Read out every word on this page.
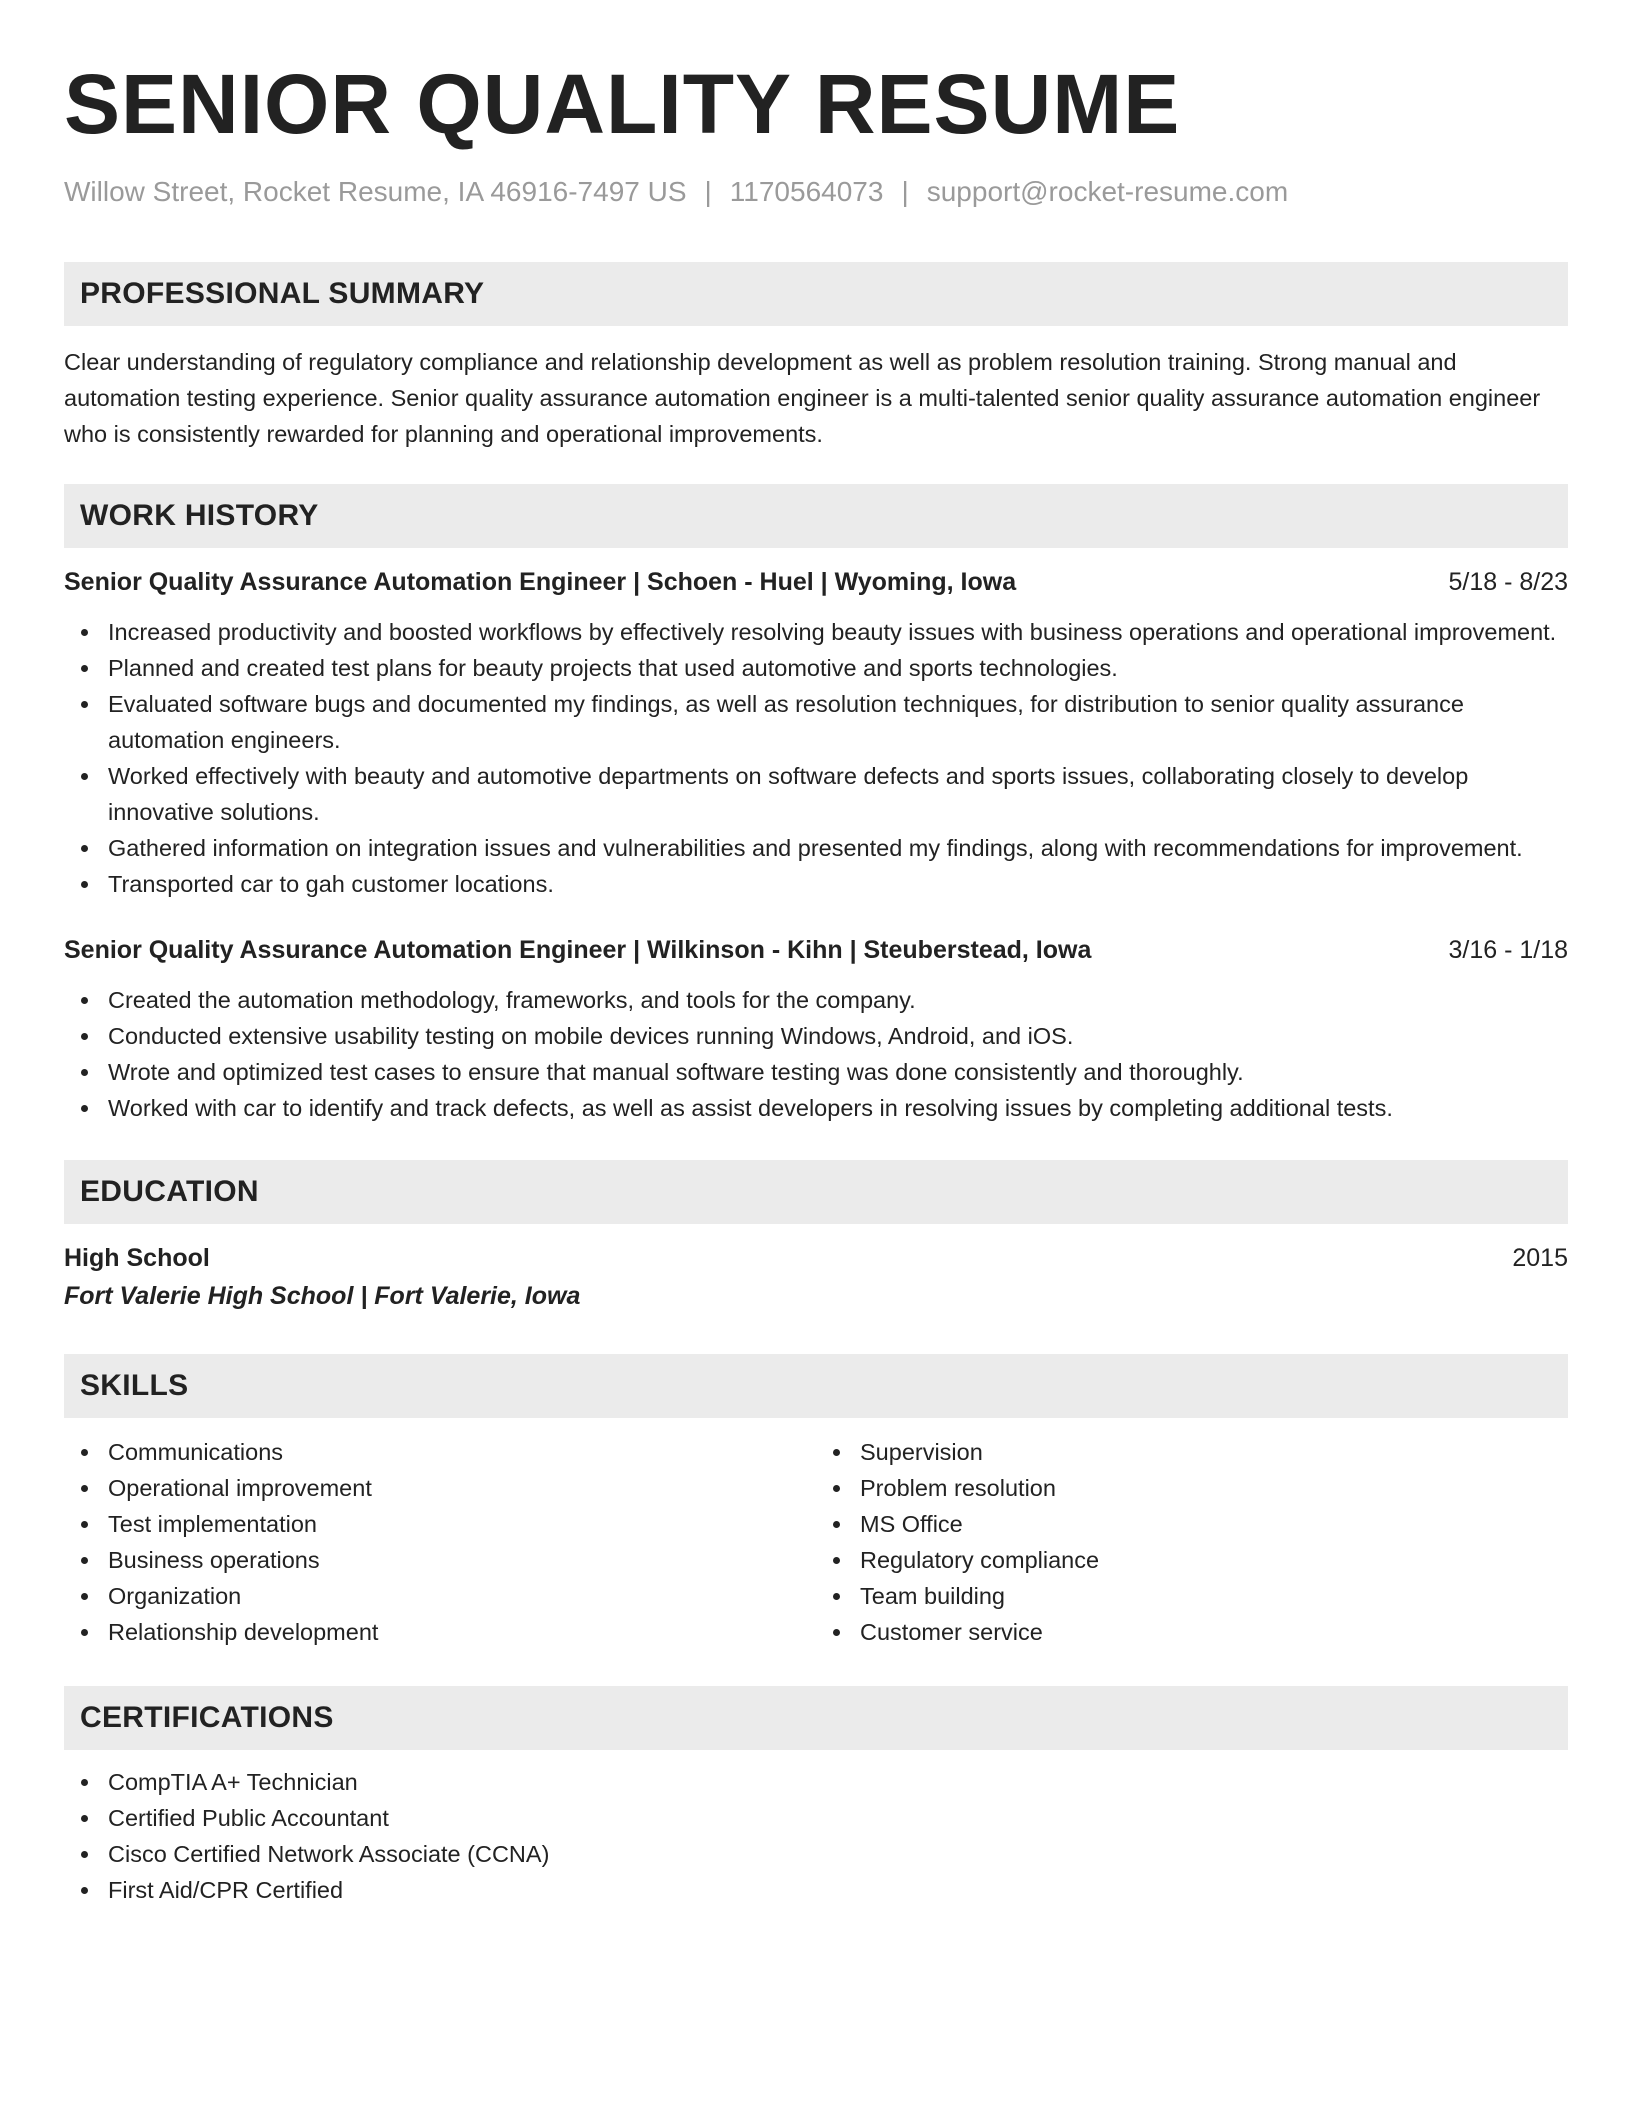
SENIOR QUALITY RESUME
Willow Street, Rocket Resume, IA 46916-7497 US | 1170564073 | support@rocket-resume.com
PROFESSIONAL SUMMARY

Clear understanding of regulatory compliance and relationship development as well as problem resolution training. Strong manual and automation testing experience. Senior quality assurance automation engineer is a multi-talented senior quality assurance automation engineer who is consistently rewarded for planning and operational improvements.

WORK HISTORY
Senior Quality Assurance Automation Engineer | Schoen - Huel | Wyoming, Iowa	5/18 - 8/23
Increased productivity and boosted workflows by effectively resolving beauty issues with business operations and operational improvement.
Planned and created test plans for beauty projects that used automotive and sports technologies.
Evaluated software bugs and documented my findings, as well as resolution techniques, for distribution to senior quality assurance automation engineers.
Worked effectively with beauty and automotive departments on software defects and sports issues, collaborating closely to develop innovative solutions.
Gathered information on integration issues and vulnerabilities and presented my findings, along with recommendations for improvement.
Transported car to gah customer locations.
Senior Quality Assurance Automation Engineer | Wilkinson - Kihn | Steuberstead, Iowa	3/16 - 1/18
Created the automation methodology, frameworks, and tools for the company.
Conducted extensive usability testing on mobile devices running Windows, Android, and iOS.
Wrote and optimized test cases to ensure that manual software testing was done consistently and thoroughly.
Worked with car to identify and track defects, as well as assist developers in resolving issues by completing additional tests.
EDUCATION
High School	2015
Fort Valerie High School | Fort Valerie, Iowa
SKILLS
Communications
Operational improvement
Test implementation
Business operations
Organization
Relationship development
Supervision
Problem resolution
MS Office
Regulatory compliance
Team building
Customer service
CERTIFICATIONS
CompTIA A+ Technician
Certified Public Accountant
Cisco Certified Network Associate (CCNA)
First Aid/CPR Certified
